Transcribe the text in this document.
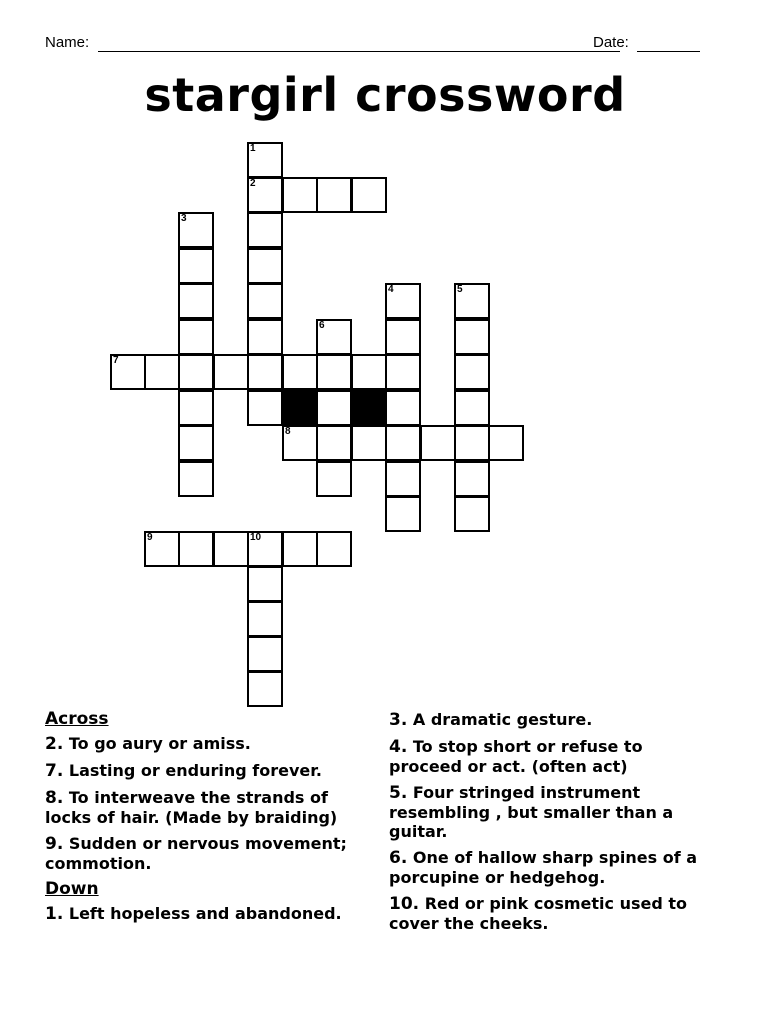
Name:	Date:
stargirl crossword
1
2
3
4	5
6
7
8
9	10
Across
2. To go aury or amiss.
7. Lasting or enduring forever.
8. To interweave the strands of locks of hair. (Made by braiding)
9. Sudden or nervous movement; commotion.
Down
1. Left hopeless and abandoned.
3. A dramatic gesture.
4. To stop short or refuse to proceed or act. (often act)
5. Four stringed instrument resembling , but smaller than a guitar.
6. One of hallow sharp spines of a porcupine or hedgehog.
10. Red or pink cosmetic used to cover the cheeks.
